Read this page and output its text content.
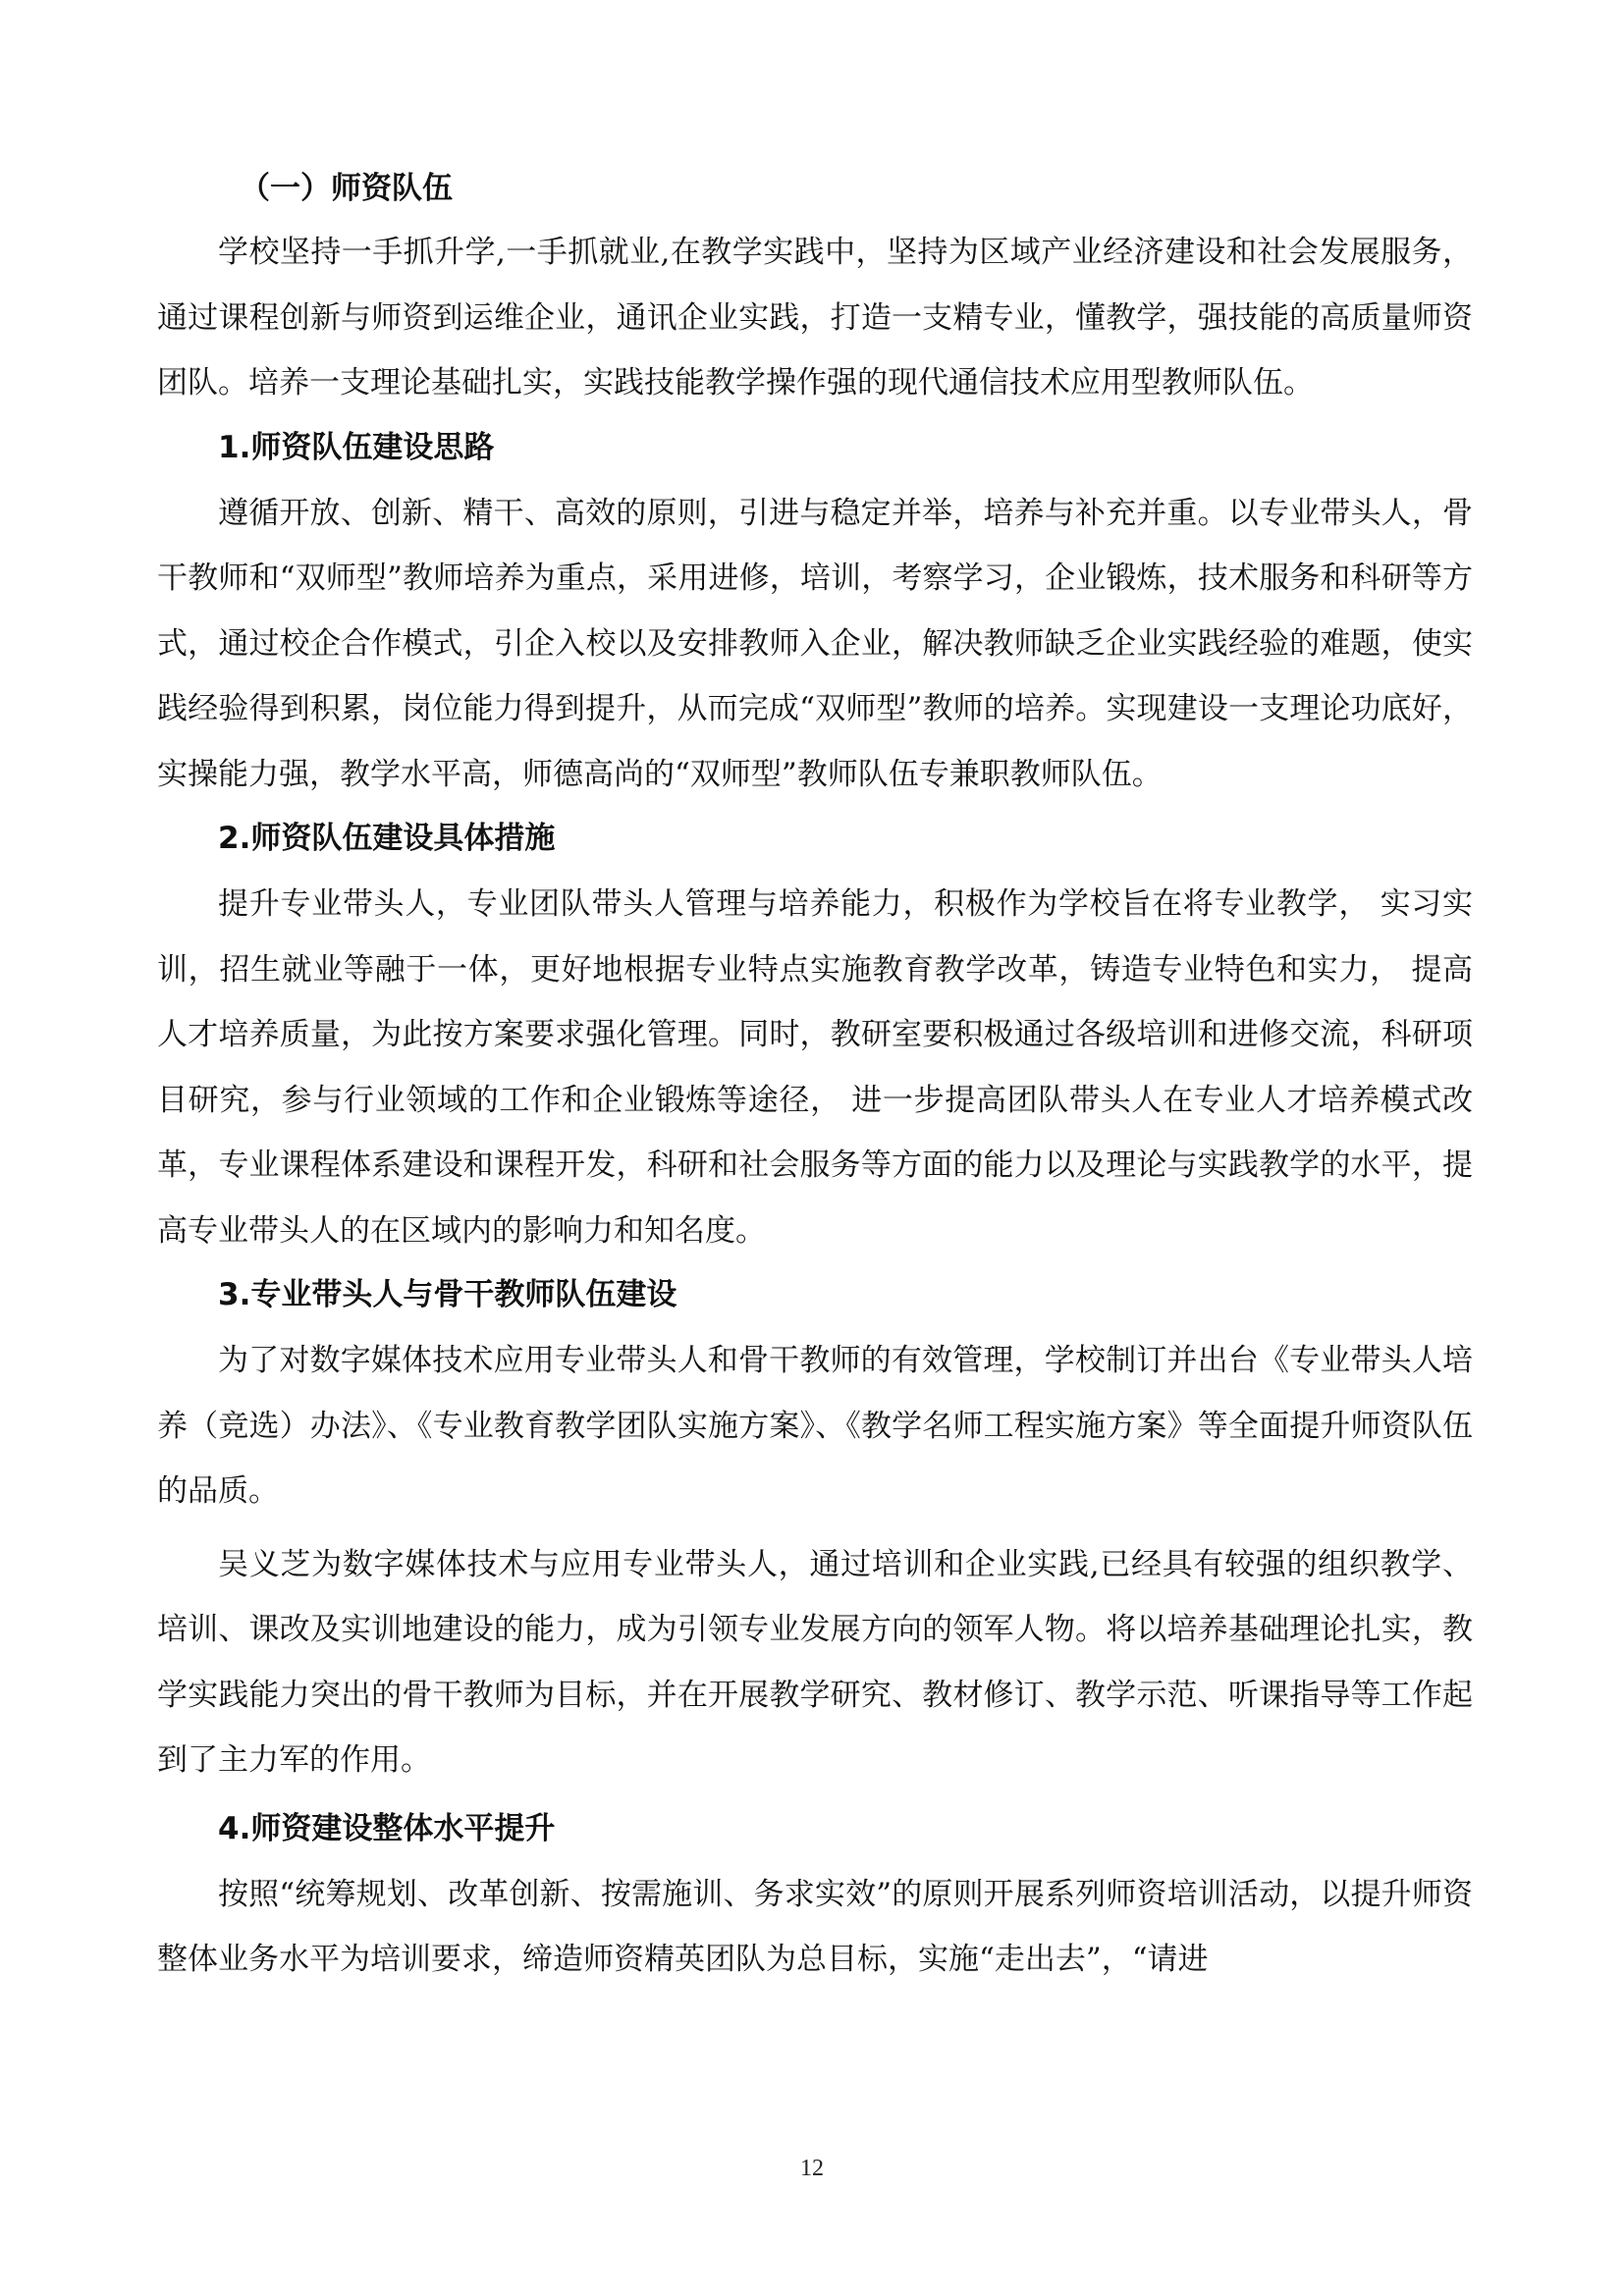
（一）师资队伍

学校坚持一手抓升学,一手抓就业,在教学实践中，坚持为区域产业经济建设和社会发展服务，通过课程创新与师资到运维企业，通讯企业实践，打造一支精专业，懂教学，强技能的高质量师资团队。培养一支理论基础扎实，实践技能教学操作强的现代通信技术应用型教师队伍。

1.师资队伍建设思路

遵循开放、创新、精干、高效的原则，引进与稳定并举，培养与补充并重。以专业带头人，骨干教师和“双师型”教师培养为重点，采用进修，培训，考察学习，企业锻炼，技术服务和科研等方式，通过校企合作模式，引企入校以及安排教师入企业，解决教师缺乏企业实践经验的难题，使实践经验得到积累，岗位能力得到提升，从而完成“双师型”教师的培养。实现建设一支理论功底好，实操能力强，教学水平高，师德高尚的“双师型”教师队伍专兼职教师队伍。

2.师资队伍建设具体措施

提升专业带头人，专业团队带头人管理与培养能力，积极作为学校旨在将专业教学， 实习实训，招生就业等融于一体，更好地根据专业特点实施教育教学改革，铸造专业特色和实力， 提高人才培养质量，为此按方案要求强化管理。同时，教研室要积极通过各级培训和进修交流，科研项目研究，参与行业领域的工作和企业锻炼等途径， 进一步提高团队带头人在专业人才培养模式改革，专业课程体系建设和课程开发，科研和社会服务等方面的能力以及理论与实践教学的水平，提高专业带头人的在区域内的影响力和知名度。

3.专业带头人与骨干教师队伍建设

为了对数字媒体技术应用专业带头人和骨干教师的有效管理，学校制订并出台《专业带头人培养（竞选）办法》、《专业教育教学团队实施方案》、《教学名师工程实施方案》等全面提升师资队伍的品质。

吴义芝为数字媒体技术与应用专业带头人，通过培训和企业实践,已经具有较强的组织教学、培训、课改及实训地建设的能力，成为引领专业发展方向的领军人物。将以培养基础理论扎实，教学实践能力突出的骨干教师为目标，并在开展教学研究、教材修订、教学示范、听课指导等工作起到了主力军的作用。

4.师资建设整体水平提升

按照“统筹规划、改革创新、按需施训、务求实效”的原则开展系列师资培训活动，以提升师资整体业务水平为培训要求，缔造师资精英团队为总目标，实施“走出去”，“请进

12
